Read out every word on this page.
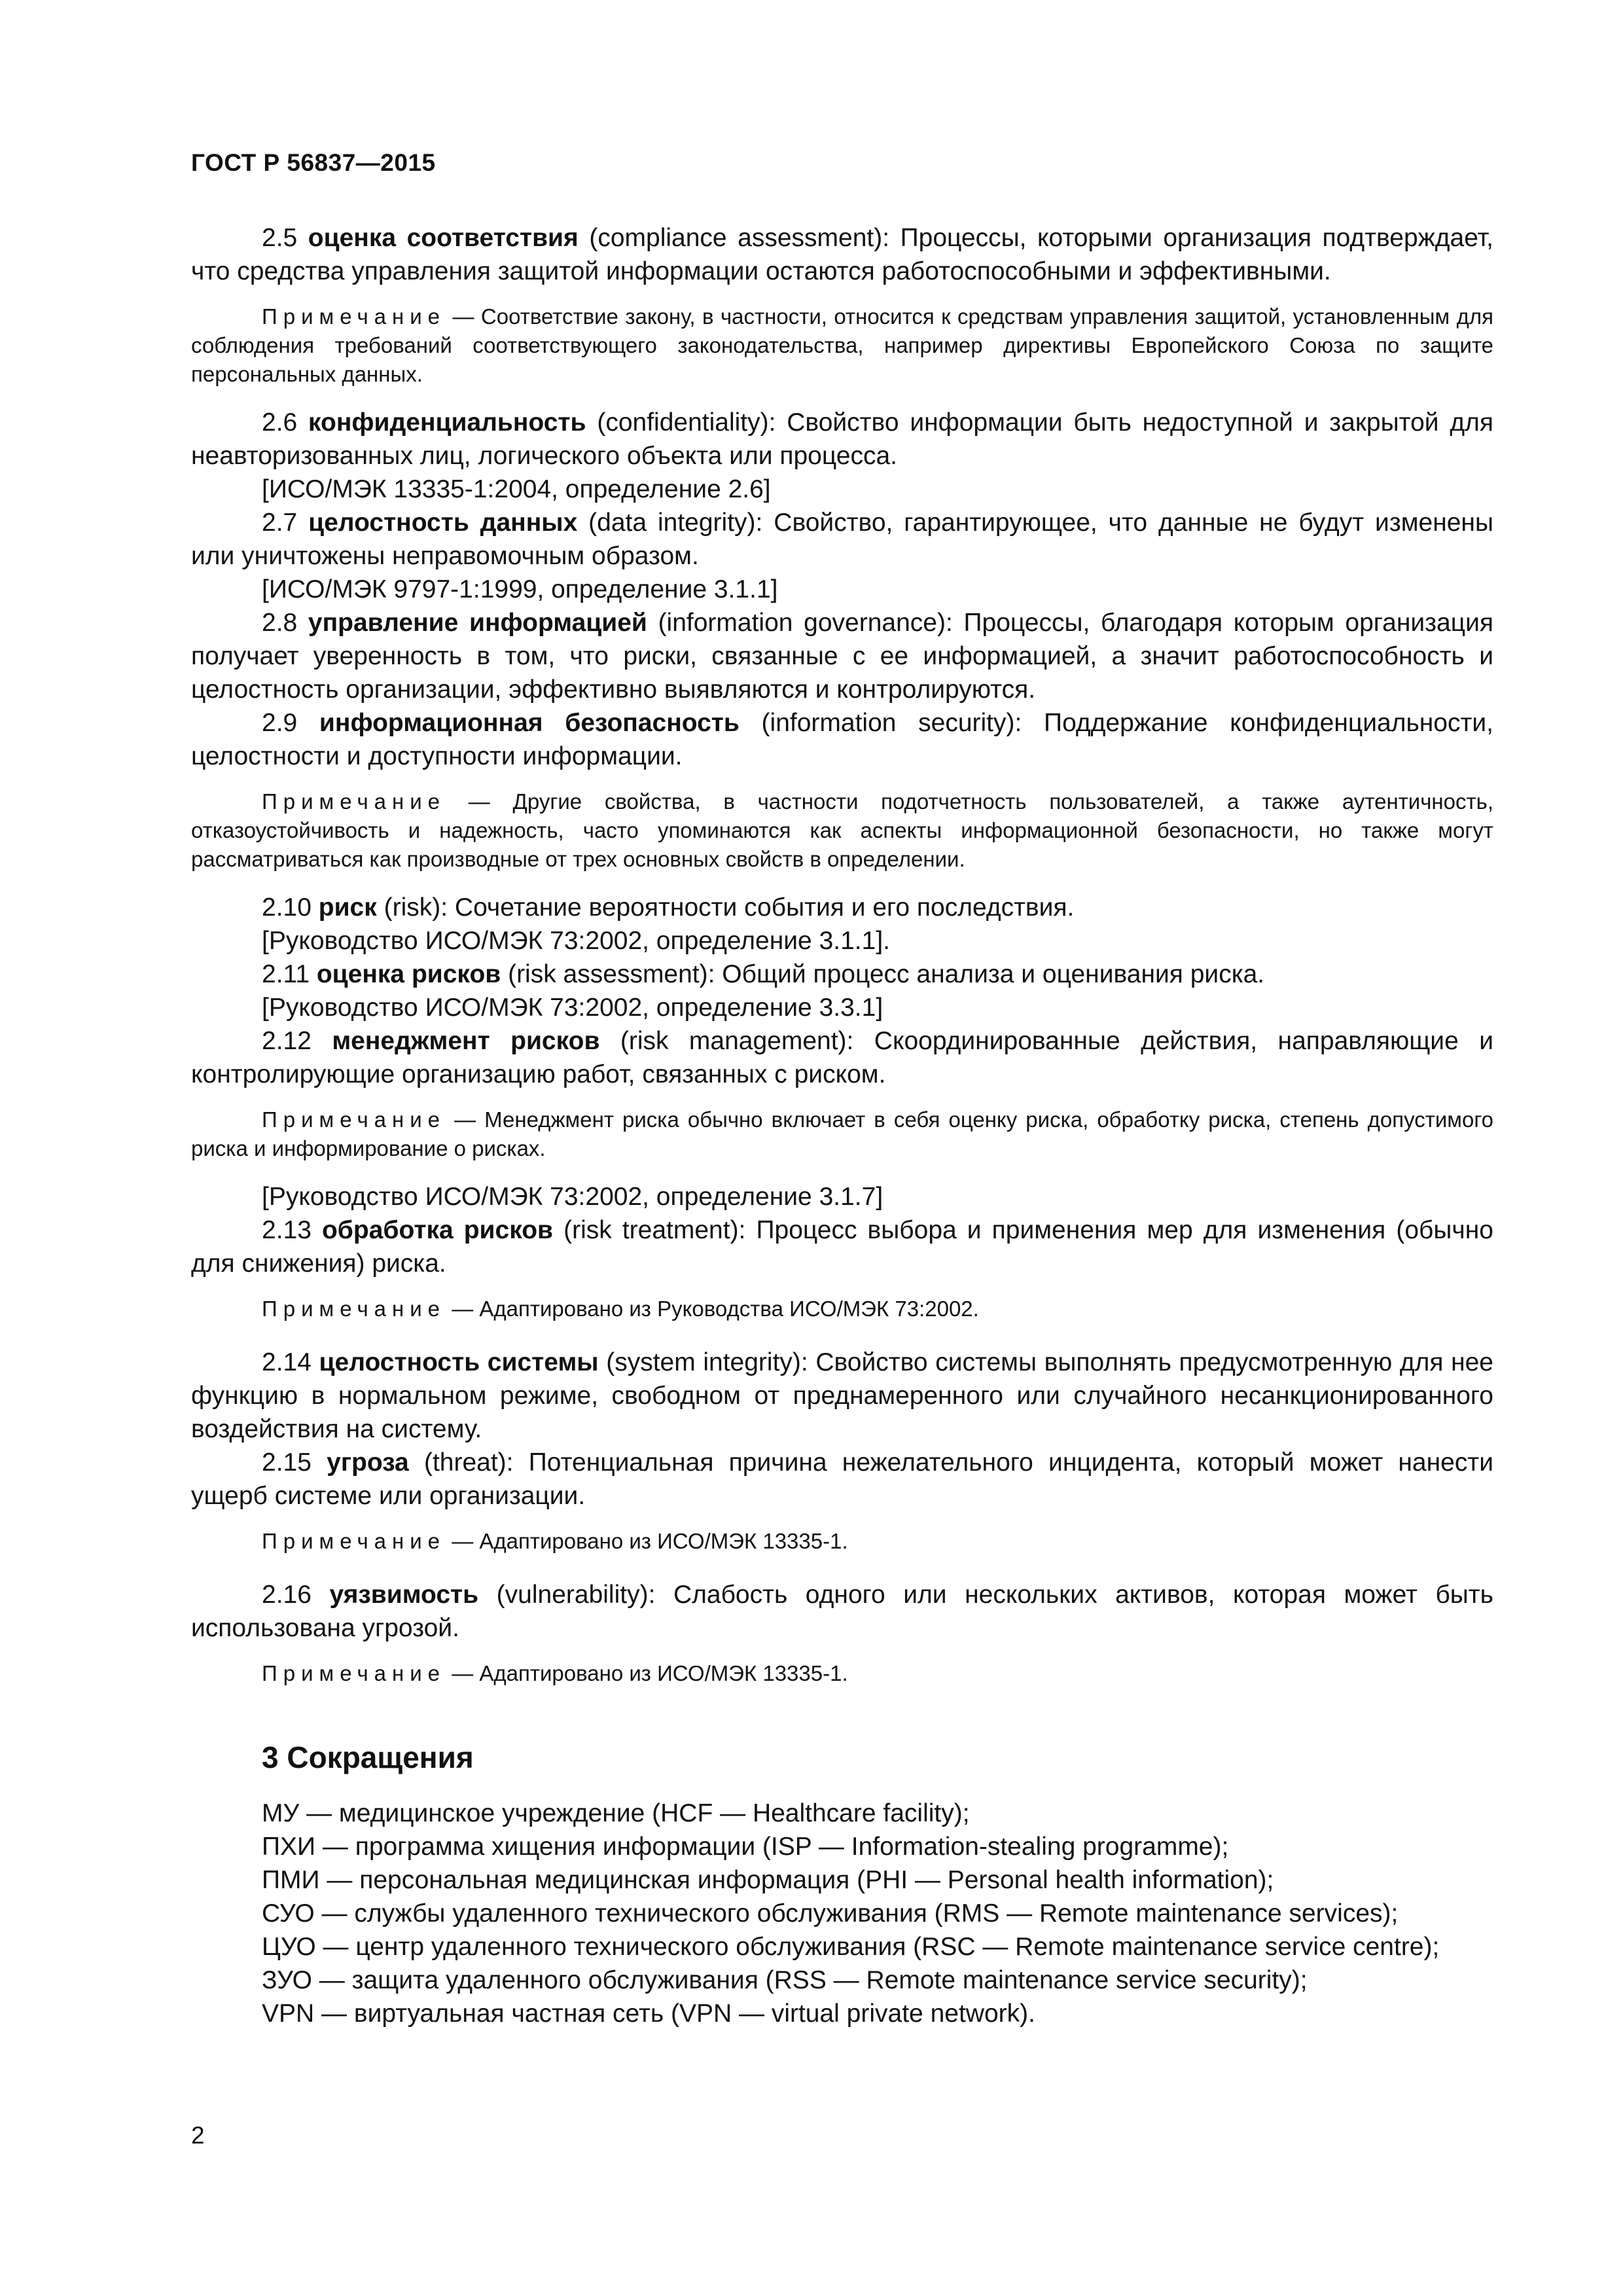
ГОСТ Р 56837—2015

2.5 оценка соответствия (compliance assessment): Процессы, которыми организация подтверждает, что средства управления защитой информации остаются работоспособными и эффективными.

Примечание — Соответствие закону, в частности, относится к средствам управления защитой, установленным для соблюдения требований соответствующего законодательства, например директивы Европейского Союза по защите персональных данных.

2.6 конфиденциальность (confidentiality): Свойство информации быть недоступной и закрытой для неавторизованных лиц, логического объекта или процесса.

[ИСО/МЭК 13335-1:2004, определение 2.6]

2.7 целостность данных (data integrity): Свойство, гарантирующее, что данные не будут изменены или уничтожены неправомочным образом.

[ИСО/МЭК 9797-1:1999, определение 3.1.1]

2.8 управление информацией (information governance): Процессы, благодаря которым организация получает уверенность в том, что риски, связанные с ее информацией, а значит работоспособность и целостность организации, эффективно выявляются и контролируются.

2.9 информационная безопасность (information security): Поддержание конфиденциальности, целостности и доступности информации.

Примечание — Другие свойства, в частности подотчетность пользователей, а также аутентичность, отказоустойчивость и надежность, часто упоминаются как аспекты информационной безопасности, но также могут рассматриваться как производные от трех основных свойств в определении.

2.10 риск (risk): Сочетание вероятности события и его последствия.

[Руководство ИСО/МЭК 73:2002, определение 3.1.1].

2.11 оценка рисков (risk assessment): Общий процесс анализа и оценивания риска.

[Руководство ИСО/МЭК 73:2002, определение 3.3.1]

2.12 менеджмент рисков (risk management): Скоординированные действия, направляющие и контролирующие организацию работ, связанных с риском.

Примечание — Менеджмент риска обычно включает в себя оценку риска, обработку риска, степень допустимого риска и информирование о рисках.

[Руководство ИСО/МЭК 73:2002, определение 3.1.7]

2.13 обработка рисков (risk treatment): Процесс выбора и применения мер для изменения (обычно для снижения) риска.

Примечание — Адаптировано из Руководства ИСО/МЭК 73:2002.

2.14 целостность системы (system integrity): Свойство системы выполнять предусмотренную для нее функцию в нормальном режиме, свободном от преднамеренного или случайного несанкционированного воздействия на систему.

2.15 угроза (threat): Потенциальная причина нежелательного инцидента, который может нанести ущерб системе или организации.

Примечание — Адаптировано из ИСО/МЭК 13335-1.

2.16 уязвимость (vulnerability): Слабость одного или нескольких активов, которая может быть использована угрозой.

Примечание — Адаптировано из ИСО/МЭК 13335-1.

3 Сокращения
МУ — медицинское учреждение (HCF — Healthcare facility);
ПХИ — программа хищения информации (ISP — Information-stealing programme);
ПМИ — персональная медицинская информация (PHI — Personal health information);
СУО — службы удаленного технического обслуживания (RMS — Remote maintenance services);
ЦУО — центр удаленного технического обслуживания (RSC — Remote maintenance service centre);
ЗУО — защита удаленного обслуживания (RSS — Remote maintenance service security);
VPN — виртуальная частная сеть (VPN — virtual private network).
2
